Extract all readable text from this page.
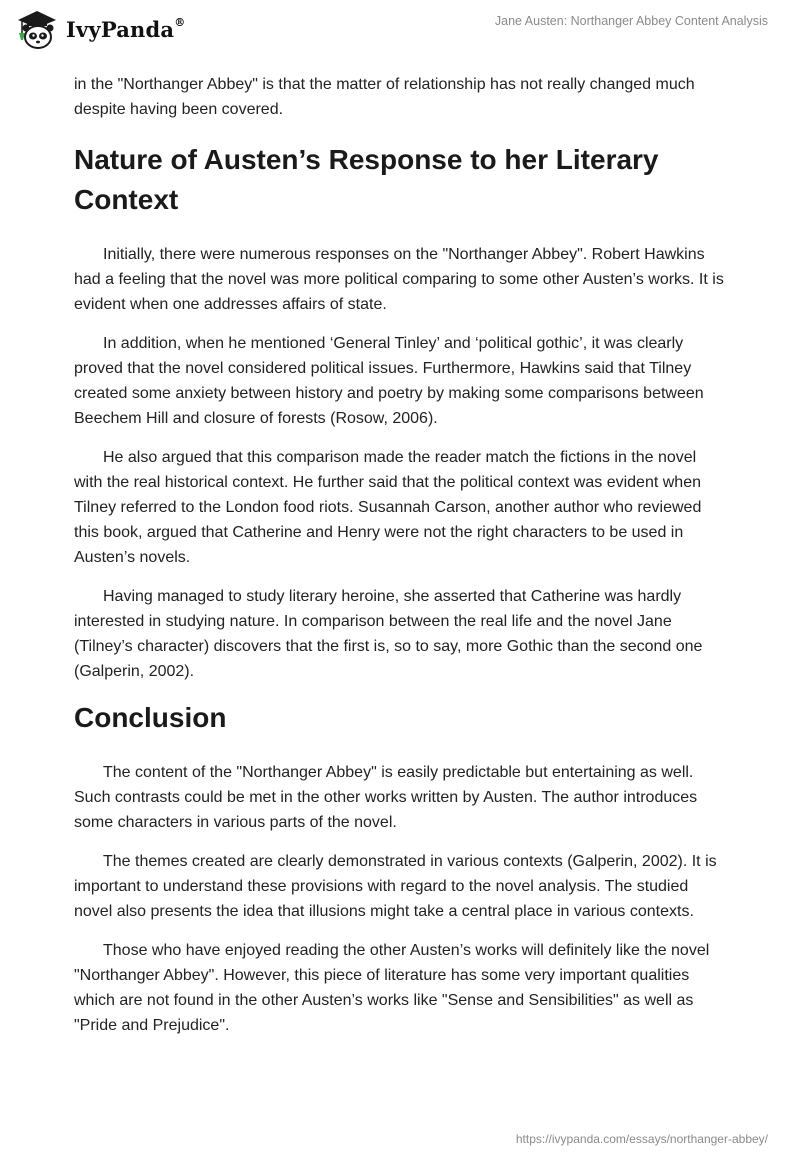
IvyPanda®	Jane Austen: Northanger Abbey Content Analysis

in the "Northanger Abbey" is that the matter of relationship has not really changed much despite having been covered.

Nature of Austen’s Response to her Literary Context

Initially, there were numerous responses on the "Northanger Abbey". Robert Hawkins had a feeling that the novel was more political comparing to some other Austen’s works. It is evident when one addresses affairs of state.

In addition, when he mentioned ‘General Tinley’ and ‘political gothic’, it was clearly proved that the novel considered political issues. Furthermore, Hawkins said that Tilney created some anxiety between history and poetry by making some comparisons between Beechem Hill and closure of forests (Rosow, 2006).

He also argued that this comparison made the reader match the fictions in the novel with the real historical context. He further said that the political context was evident when Tilney referred to the London food riots. Susannah Carson, another author who reviewed this book, argued that Catherine and Henry were not the right characters to be used in Austen’s novels.

Having managed to study literary heroine, she asserted that Catherine was hardly interested in studying nature. In comparison between the real life and the novel Jane (Tilney’s character) discovers that the first is, so to say, more Gothic than the second one (Galperin, 2002).

Conclusion

The content of the "Northanger Abbey" is easily predictable but entertaining as well. Such contrasts could be met in the other works written by Austen. The author introduces some characters in various parts of the novel.

The themes created are clearly demonstrated in various contexts (Galperin, 2002). It is important to understand these provisions with regard to the novel analysis. The studied novel also presents the idea that illusions might take a central place in various contexts.

Those who have enjoyed reading the other Austen’s works will definitely like the novel "Northanger Abbey". However, this piece of literature has some very important qualities which are not found in the other Austen’s works like "Sense and Sensibilities" as well as "Pride and Prejudice".

https://ivypanda.com/essays/northanger-abbey/
